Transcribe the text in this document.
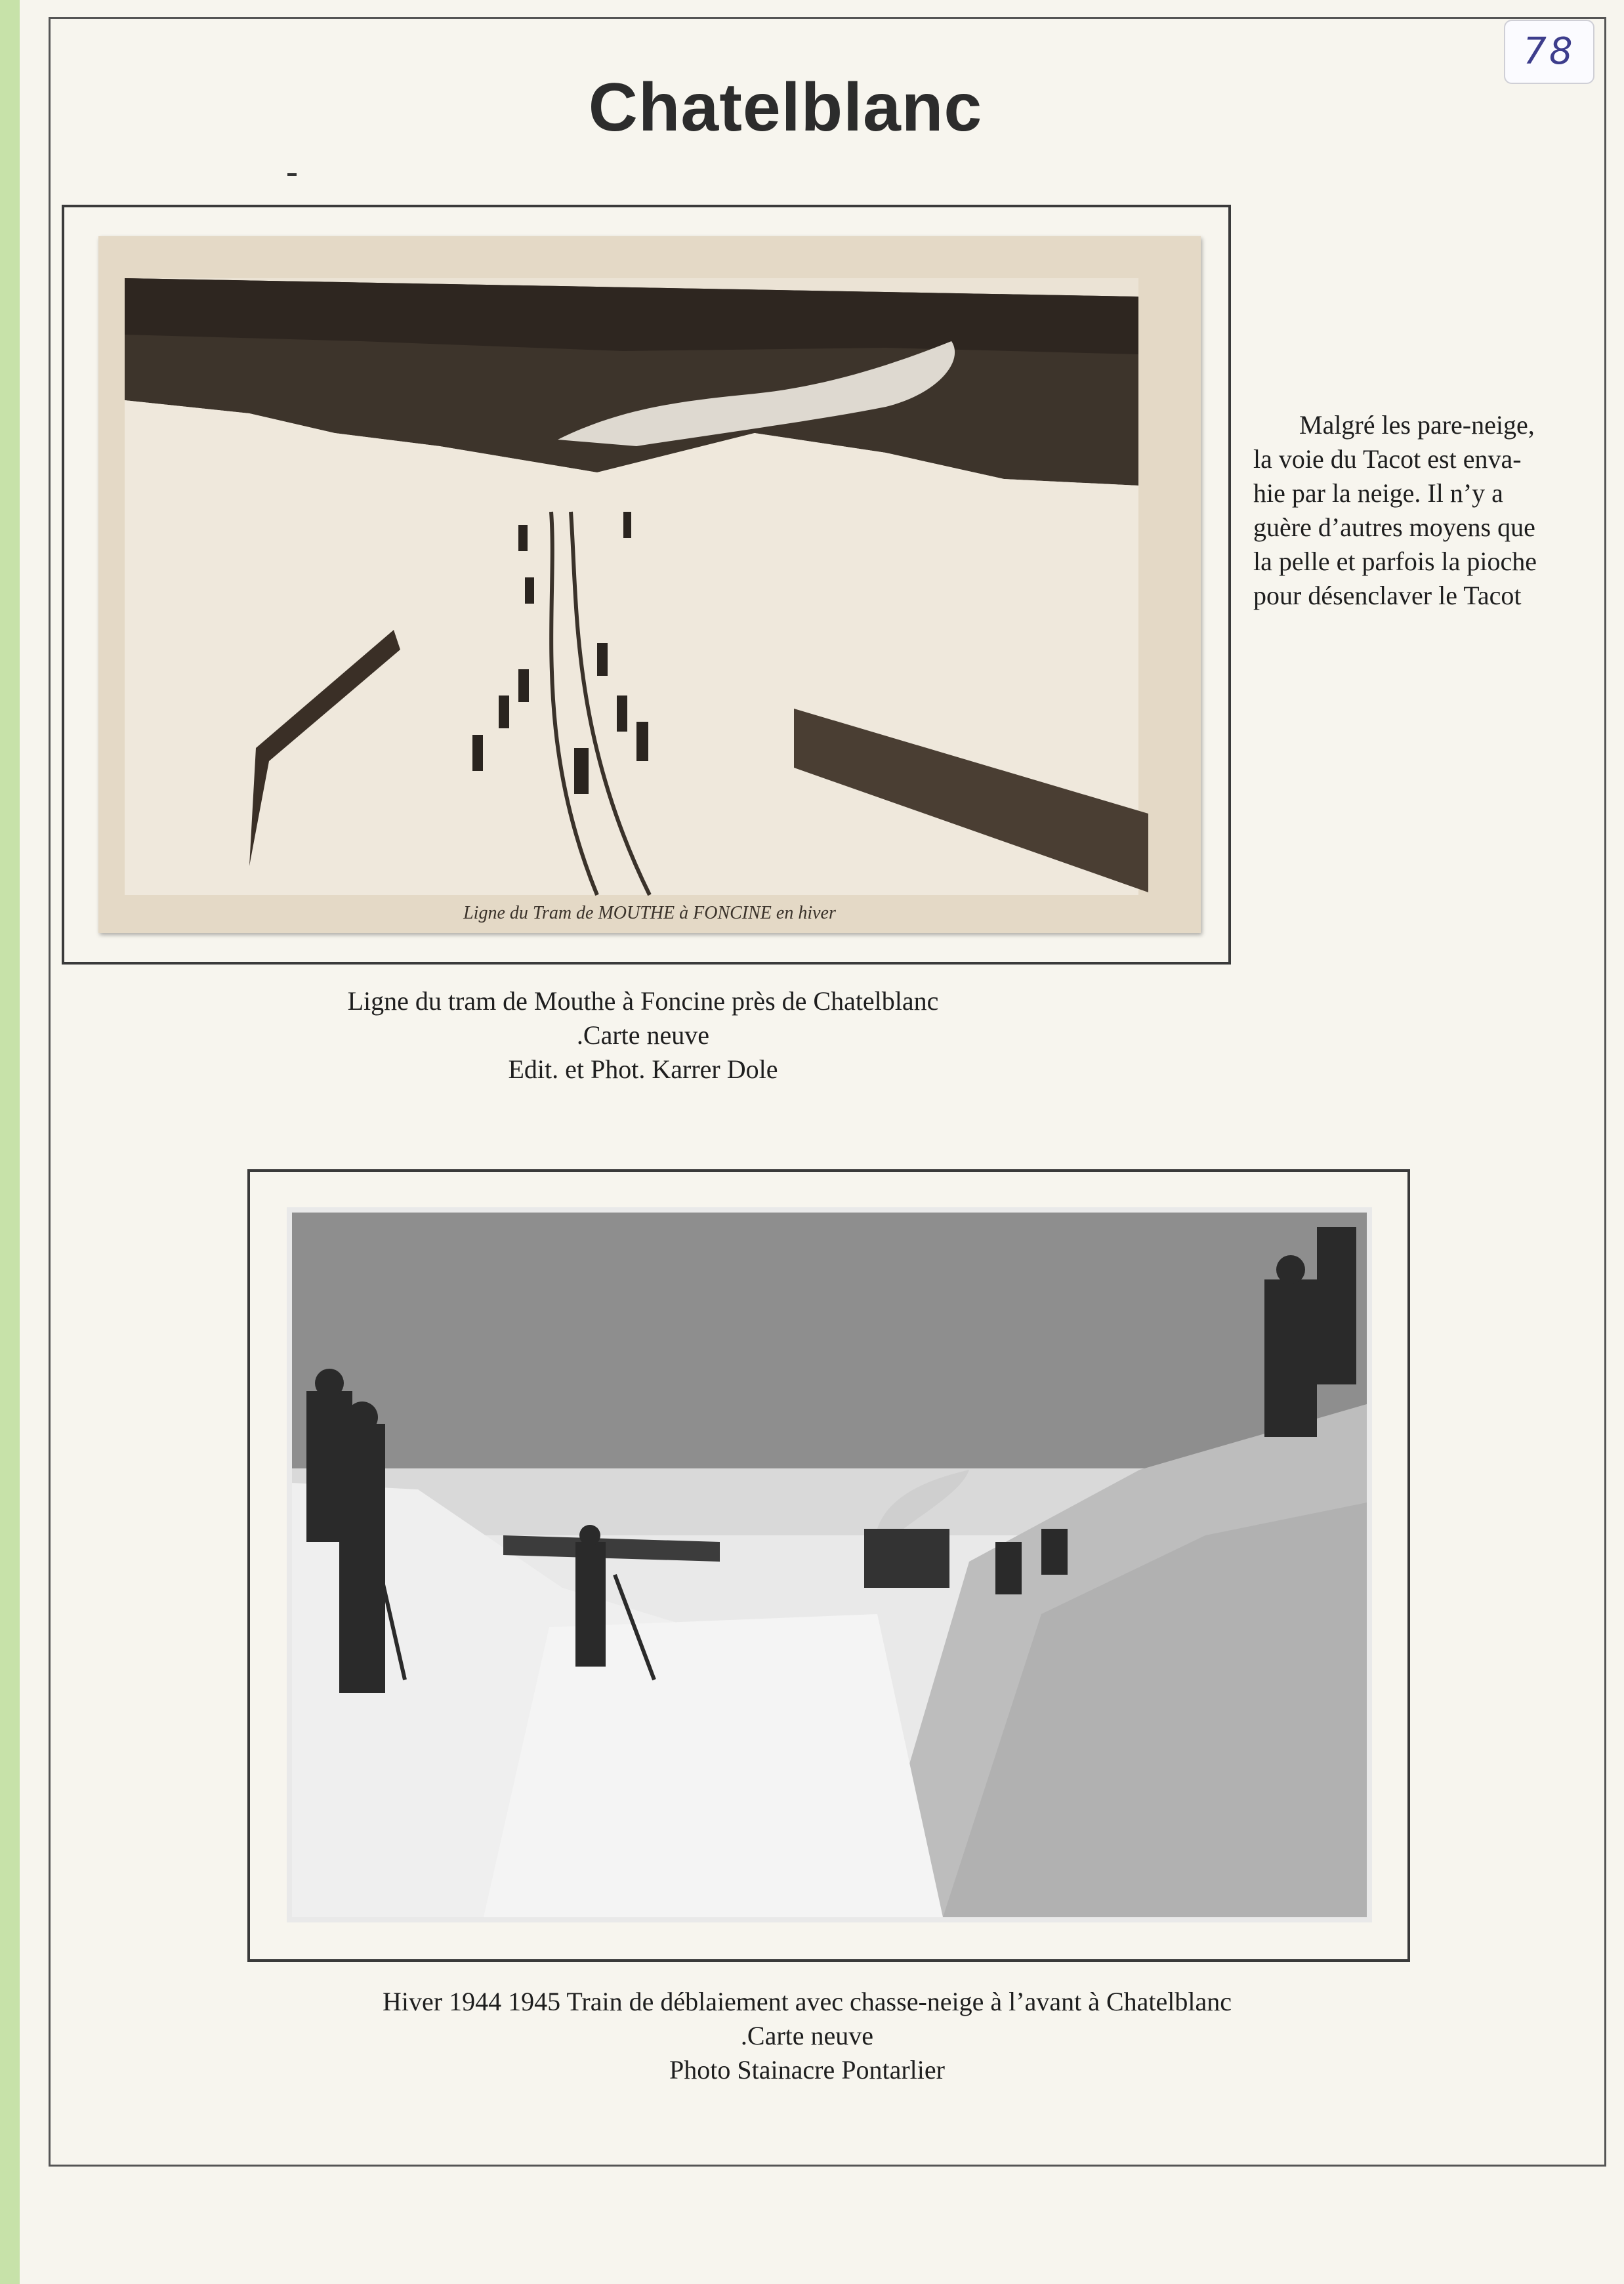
78
Chatelblanc
Ligne du Tram de MOUTHE à FONCINE en hiver
Ligne du tram de Mouthe à Foncine près de Chatelblanc
.Carte neuve
Edit. et Phot. Karrer Dole

Malgré les pare-neige,

la voie du Tacot est enva-

hie par la neige. Il n’y a

guère d’autres moyens que

la pelle et parfois la pioche

pour désenclaver le Tacot

Hiver 1944 1945 Train de déblaiement avec chasse-neige à l’avant à Chatelblanc
.Carte neuve
Photo Stainacre Pontarlier
